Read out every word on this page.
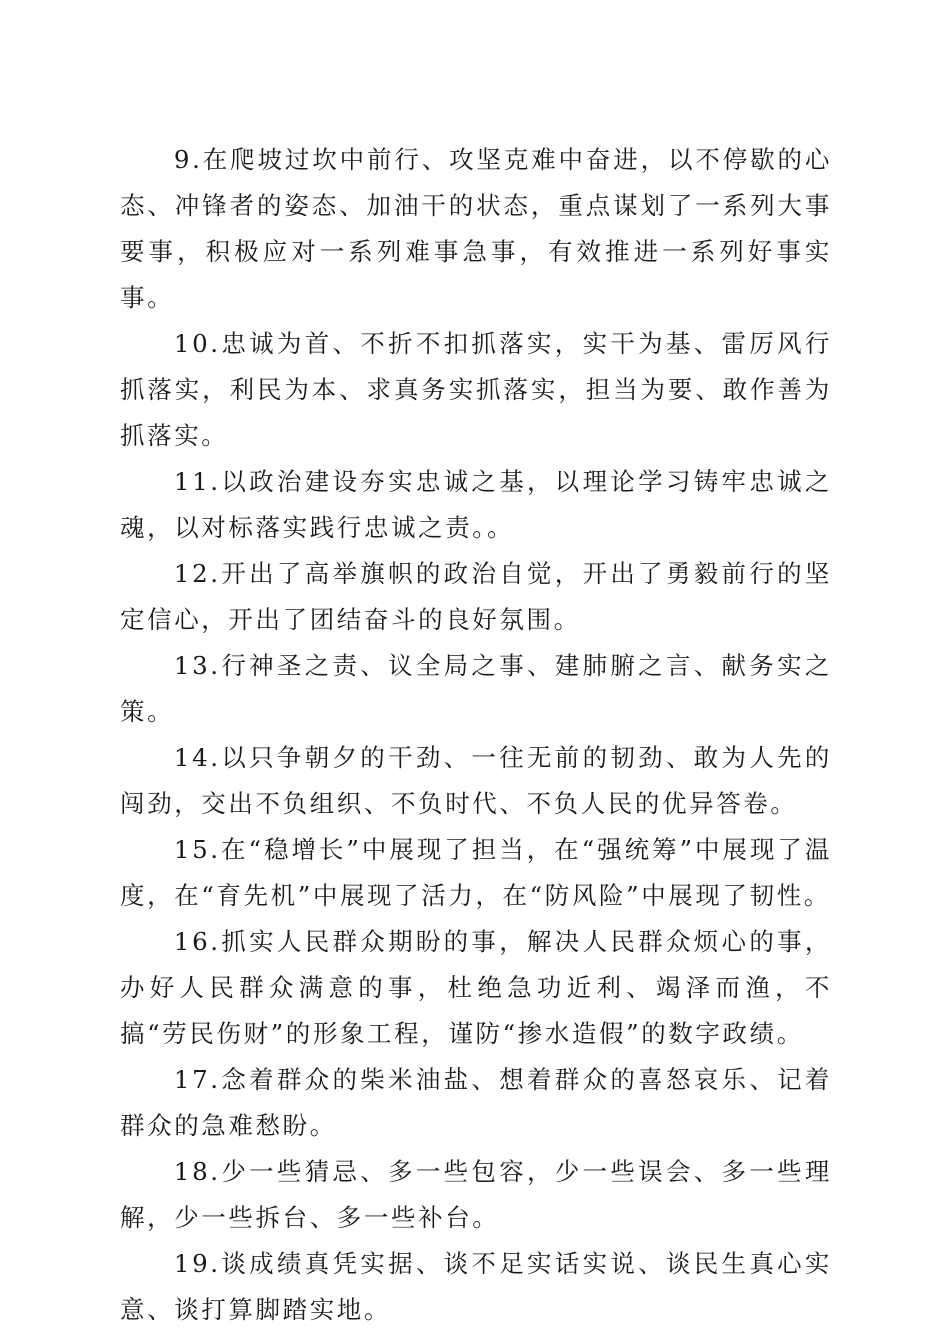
9.在爬坡过坎中前行、攻坚克难中奋进，以不停歇的心态、冲锋者的姿态、加油干的状态，重点谋划了一系列大事要事，积极应对一系列难事急事，有效推进一系列好事实事。

10.忠诚为首、不折不扣抓落实，实干为基、雷厉风行抓落实，利民为本、求真务实抓落实，担当为要、敢作善为抓落实。

11.以政治建设夯实忠诚之基，以理论学习铸牢忠诚之魂，以对标落实践行忠诚之责。。

12.开出了高举旗帜的政治自觉，开出了勇毅前行的坚定信心，开出了团结奋斗的良好氛围。

13.行神圣之责、议全局之事、建肺腑之言、献务实之策。

14.以只争朝夕的干劲、一往无前的韧劲、敢为人先的闯劲，交出不负组织、不负时代、不负人民的优异答卷。

15.在“稳增长”中展现了担当，在“强统筹”中展现了温度，在“育先机”中展现了活力，在“防风险”中展现了韧性。

16.抓实人民群众期盼的事，解决人民群众烦心的事，办好人民群众满意的事，杜绝急功近利、竭泽而渔，不搞“劳民伤财”的形象工程，谨防“掺水造假”的数字政绩。

17.念着群众的柴米油盐、想着群众的喜怒哀乐、记着群众的急难愁盼。

18.少一些猜忌、多一些包容，少一些误会、多一些理解，少一些拆台、多一些补台。

19.谈成绩真凭实据、谈不足实话实说、谈民生真心实意、谈打算脚踏实地。
